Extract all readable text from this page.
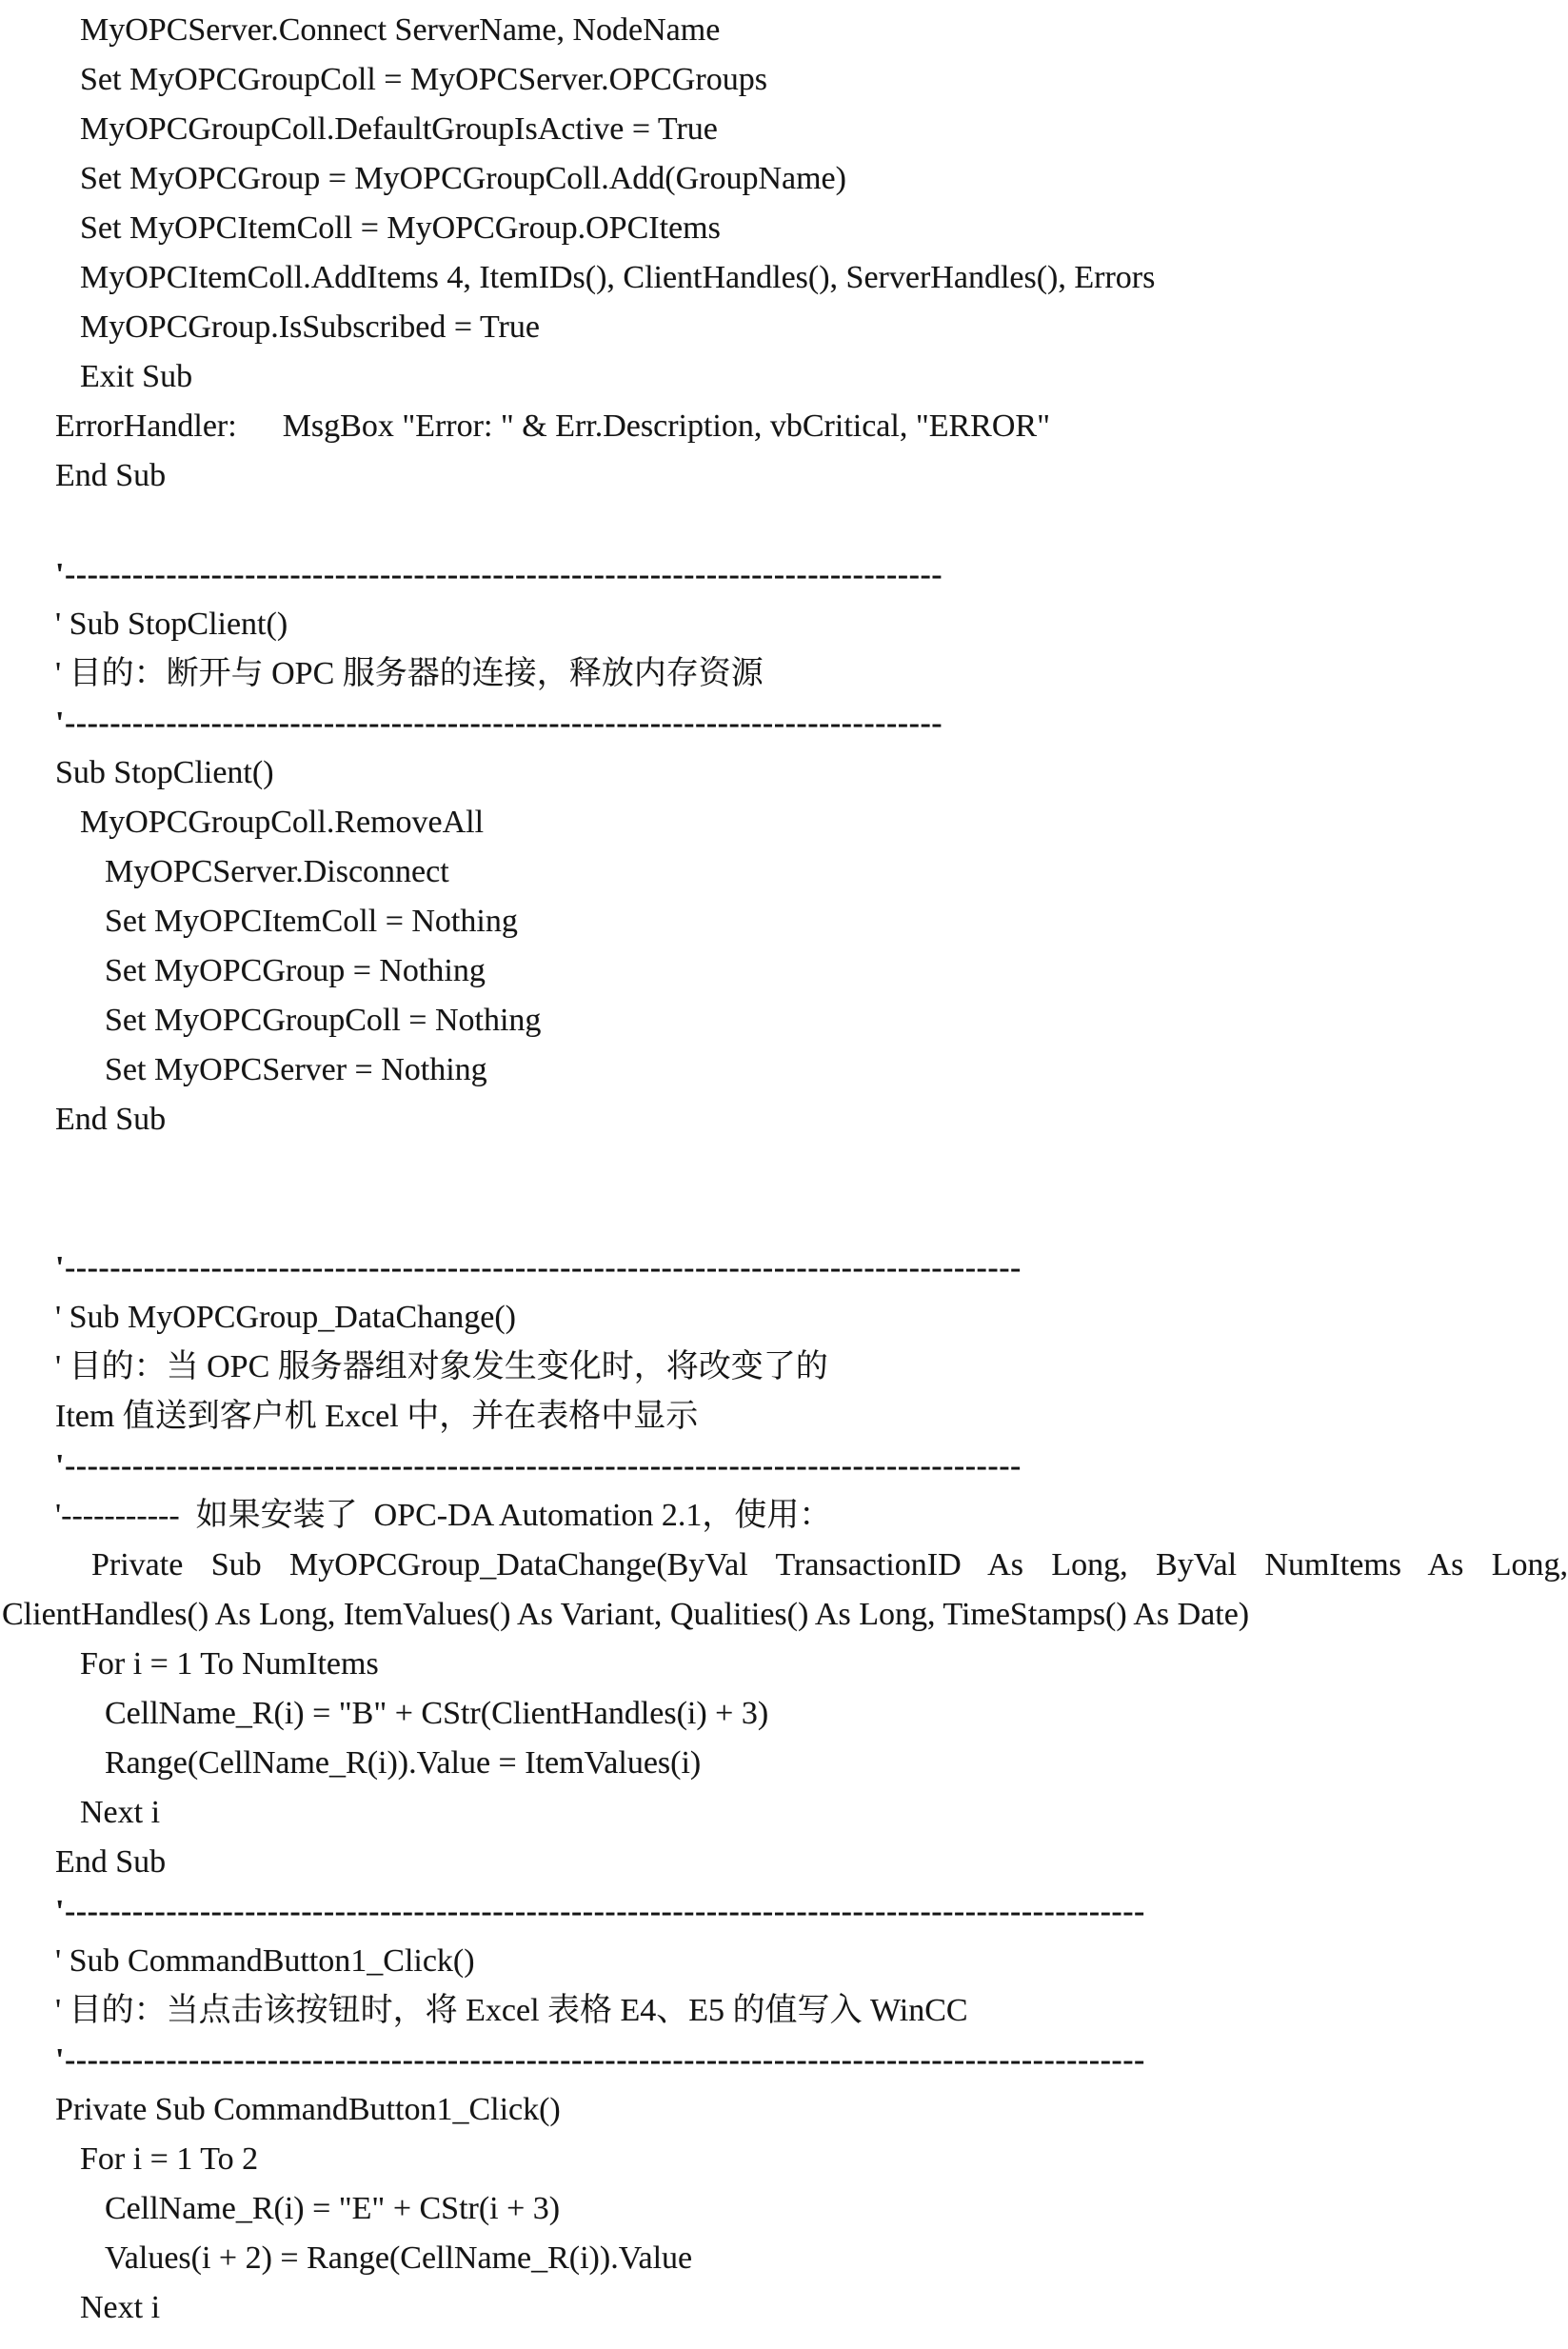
MyOPCServer.Connect ServerName, NodeName
Set MyOPCGroupColl = MyOPCServer.OPCGroups
MyOPCGroupColl.DefaultGroupIsActive = True
Set MyOPCGroup = MyOPCGroupColl.Add(GroupName)
Set MyOPCItemColl = MyOPCGroup.OPCItems
MyOPCItemColl.AddItems 4, ItemIDs(), ClientHandles(), ServerHandles(), Errors
MyOPCGroup.IsSubscribed = True
Exit Sub
ErrorHandler: MsgBox "Error: " & Err.Description, vbCritical, "ERROR"
End Sub

'------------------------------------------------------------------------------
' Sub StopClient()
' 目的：断开与 OPC 服务器的连接，释放内存资源
'------------------------------------------------------------------------------
Sub StopClient()
MyOPCGroupColl.RemoveAll
MyOPCServer.Disconnect
Set MyOPCItemColl = Nothing
Set MyOPCGroup = Nothing
Set MyOPCGroupColl = Nothing
Set MyOPCServer = Nothing
End Sub

'-------------------------------------------------------------------------------------
' Sub MyOPCGroup_DataChange()
' 目的：当 OPC 服务器组对象发生变化时，将改变了的
Item 值送到客户机 Excel 中，并在表格中显示
'-------------------------------------------------------------------------------------
'-----------  如果安装了  OPC-DA Automation 2.1，使用：
Private Sub MyOPCGroup_DataChange(ByVal TransactionID As Long, ByVal NumItems As Long,
ClientHandles() As Long, ItemValues() As Variant, Qualities() As Long, TimeStamps() As Date)
For i = 1 To NumItems
CellName_R(i) = "B" + CStr(ClientHandles(i) + 3)
Range(CellName_R(i)).Value = ItemValues(i)
Next i
End Sub
'------------------------------------------------------------------------------------------------
' Sub CommandButton1_Click()
' 目的：当点击该按钮时，将 Excel 表格 E4、E5 的值写入 WinCC
'------------------------------------------------------------------------------------------------
Private Sub CommandButton1_Click()
For i = 1 To 2
CellName_R(i) = "E" + CStr(i + 3)
Values(i + 2) = Range(CellName_R(i)).Value
Next i
